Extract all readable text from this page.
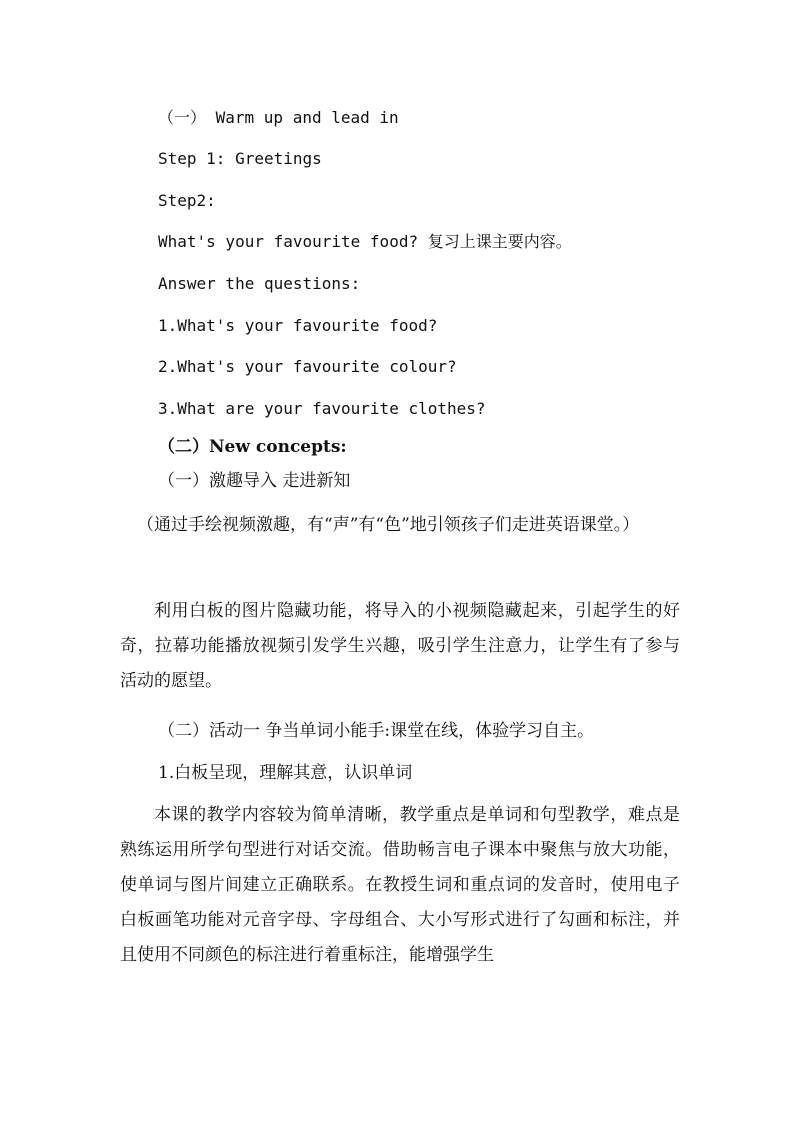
（一） Warm up and lead in
Step 1: Greetings
Step2:
What's your favourite food? 复习上课主要内容。
Answer the questions:
1.What's your favourite food?
2.What's your favourite colour?
3.What are your favourite clothes?
（二）New concepts:
（一）激趣导入 走进新知
（通过手绘视频激趣，有“声”有“色”地引领孩子们走进英语课堂。）
利用白板的图片隐藏功能，将导入的小视频隐藏起来，引起学生的好奇，拉幕功能播放视频引发学生兴趣，吸引学生注意力，让学生有了参与活动的愿望。
（二）活动一 争当单词小能手:课堂在线，体验学习自主。
1.白板呈现，理解其意，认识单词
本课的教学内容较为简单清晰，教学重点是单词和句型教学，难点是熟练运用所学句型进行对话交流。借助畅言电子课本中聚焦与放大功能，使单词与图片间建立正确联系。在教授生词和重点词的发音时，使用电子白板画笔功能对元音字母、字母组合、大小写形式进行了勾画和标注，并且使用不同颜色的标注进行着重标注，能增强学生
